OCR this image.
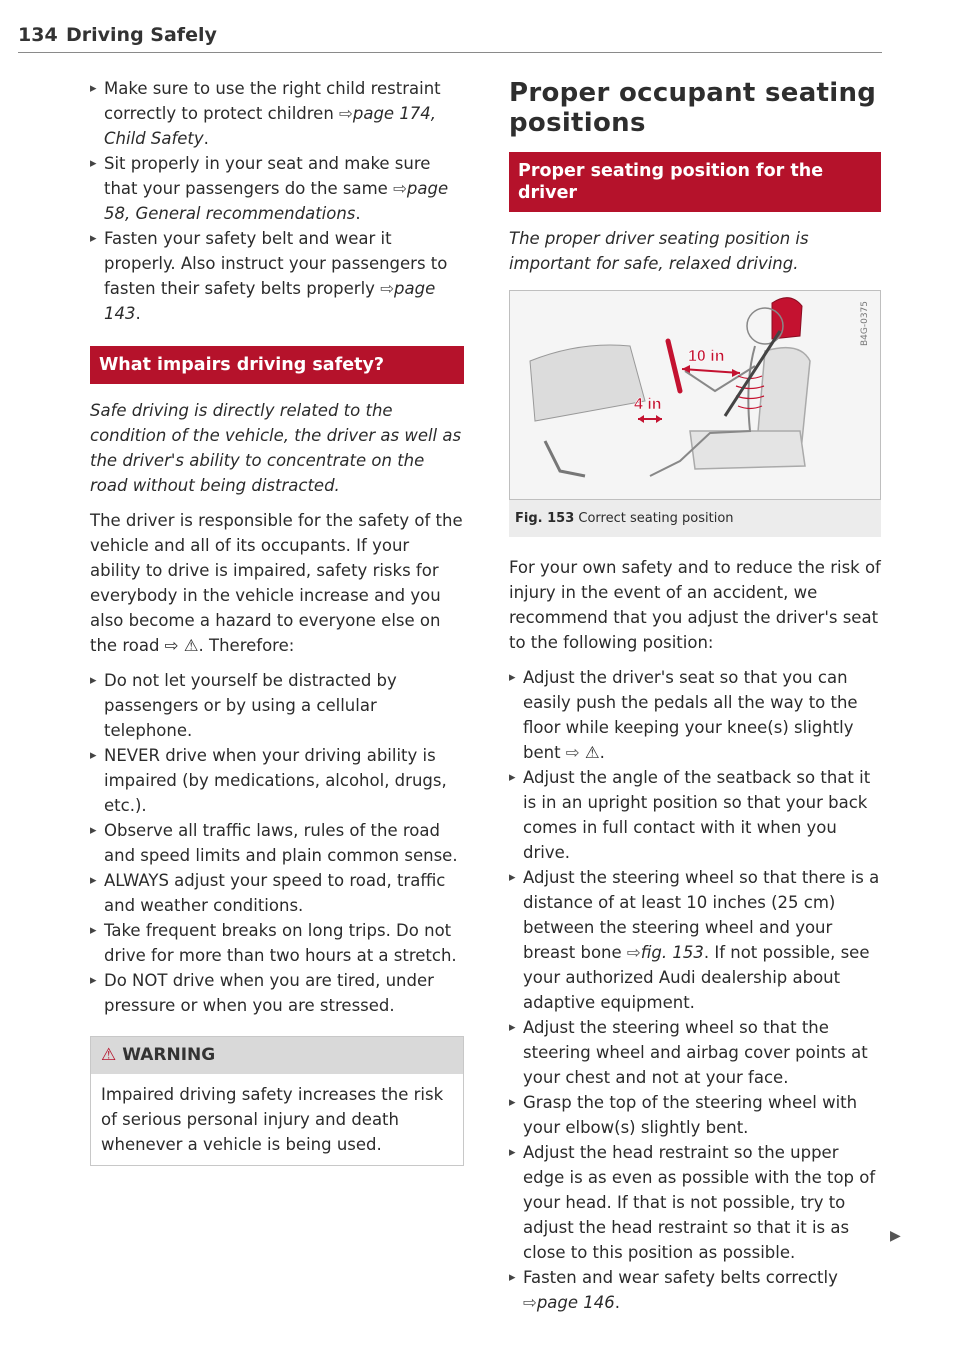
134 Driving Safely
▸ Make sure to use the right child restraint correctly to protect children ⇨page 174, Child Safety.
▸ Sit properly in your seat and make sure that your passengers do the same ⇨page 58, General recommendations.
▸ Fasten your safety belt and wear it properly. Also instruct your passengers to fasten their safety belts properly ⇨page 143.
What impairs driving safety?

Safe driving is directly related to the condition of the vehicle, the driver as well as the driver's ability to concentrate on the road without being distracted.

The driver is responsible for the safety of the vehicle and all of its occupants. If your ability to drive is impaired, safety risks for everybody in the vehicle increase and you also become a hazard to everyone else on the road ⇨ ⚠. Therefore:

▸ Do not let yourself be distracted by passengers or by using a cellular telephone.
▸ NEVER drive when your driving ability is impaired (by medications, alcohol, drugs, etc.).
▸ Observe all traffic laws, rules of the road and speed limits and plain common sense.
▸ ALWAYS adjust your speed to road, traffic and weather conditions.
▸ Take frequent breaks on long trips. Do not drive for more than two hours at a stretch.
▸ Do NOT drive when you are tired, under pressure or when you are stressed.
⚠ WARNING
Impaired driving safety increases the risk of serious personal injury and death whenever a vehicle is being used.
Proper occupant seating positions
Proper seating position for the driver

The proper driver seating position is important for safe, relaxed driving.

10 in
4 in
B4G-0375
Fig. 153 Correct seating position

For your own safety and to reduce the risk of injury in the event of an accident, we recommend that you adjust the driver's seat to the following position:

▸ Adjust the driver's seat so that you can easily push the pedals all the way to the floor while keeping your knee(s) slightly bent ⇨ ⚠.
▸ Adjust the angle of the seatback so that it is in an upright position so that your back comes in full contact with it when you drive.
▸ Adjust the steering wheel so that there is a distance of at least 10 inches (25 cm) between the steering wheel and your breast bone ⇨fig. 153. If not possible, see your authorized Audi dealership about adaptive equipment.
▸ Adjust the steering wheel so that the steering wheel and airbag cover points at your chest and not at your face.
▸ Grasp the top of the steering wheel with your elbow(s) slightly bent.
▸ Adjust the head restraint so the upper edge is as even as possible with the top of your head. If that is not possible, try to adjust the head restraint so that it is as close to this position as possible.
▸ Fasten and wear safety belts correctly ⇨page 146.
▶
